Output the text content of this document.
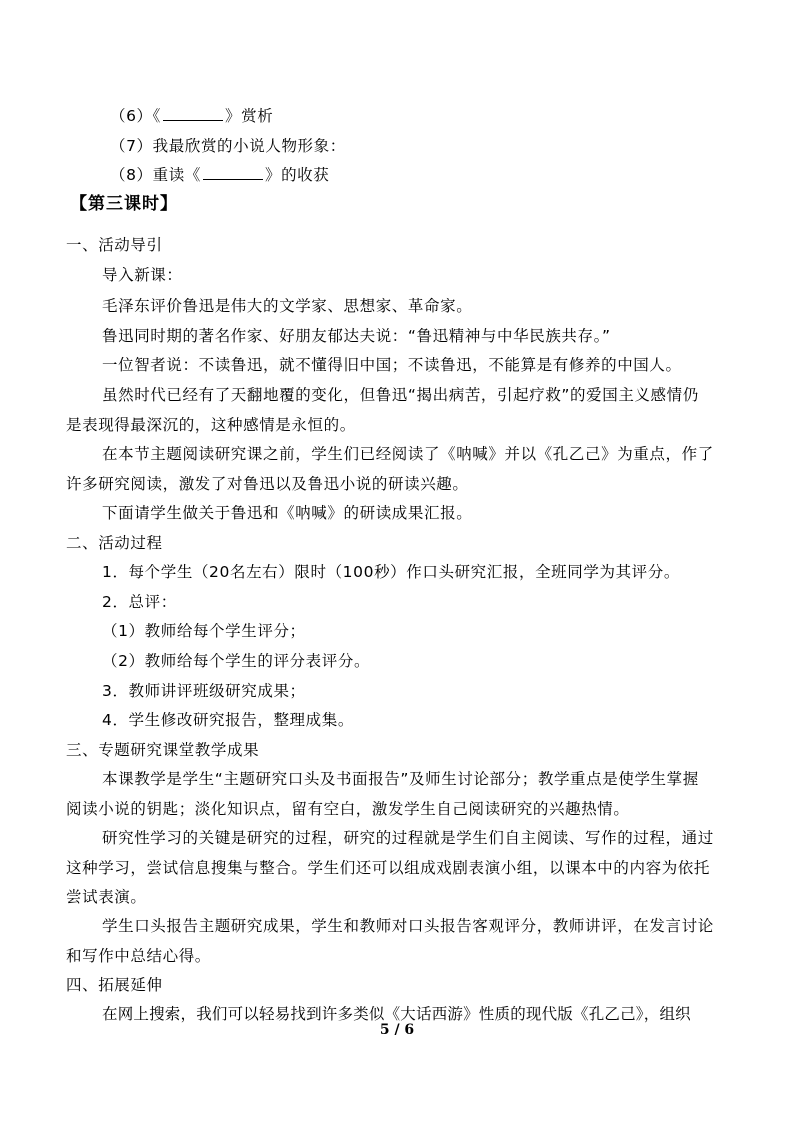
（6）《	》赏析
（7）我最欣赏的小说人物形象：
（8）重读《	》的收获
【第三课时】
一、活动导引
导入新课：
毛泽东评价鲁迅是伟大的文学家、思想家、革命家。
鲁迅同时期的著名作家、好朋友郁达夫说：“鲁迅精神与中华民族共存。”
一位智者说：不读鲁迅，就不懂得旧中国；不读鲁迅，不能算是有修养的中国人。
虽然时代已经有了天翻地覆的变化，但鲁迅“揭出病苦，引起疗救”的爱国主义感情仍
是表现得最深沉的，这种感情是永恒的。
在本节主题阅读研究课之前，学生们已经阅读了《呐喊》并以《孔乙己》为重点，作了
许多研究阅读，激发了对鲁迅以及鲁迅小说的研读兴趣。
下面请学生做关于鲁迅和《呐喊》的研读成果汇报。
二、活动过程
1．每个学生（20名左右）限时（100秒）作口头研究汇报，全班同学为其评分。
2．总评：
（1）教师给每个学生评分；
（2）教师给每个学生的评分表评分。
3．教师讲评班级研究成果；
4．学生修改研究报告，整理成集。
三、专题研究课堂教学成果
本课教学是学生“主题研究口头及书面报告”及师生讨论部分；教学重点是使学生掌握
阅读小说的钥匙；淡化知识点，留有空白，激发学生自己阅读研究的兴趣热情。
研究性学习的关键是研究的过程，研究的过程就是学生们自主阅读、写作的过程，通过
这种学习，尝试信息搜集与整合。学生们还可以组成戏剧表演小组，以课本中的内容为依托
尝试表演。
学生口头报告主题研究成果，学生和教师对口头报告客观评分，教师讲评，在发言讨论
和写作中总结心得。
四、拓展延伸
在网上搜索，我们可以轻易找到许多类似《大话西游》性质的现代版《孔乙己》，组织
5 / 6
